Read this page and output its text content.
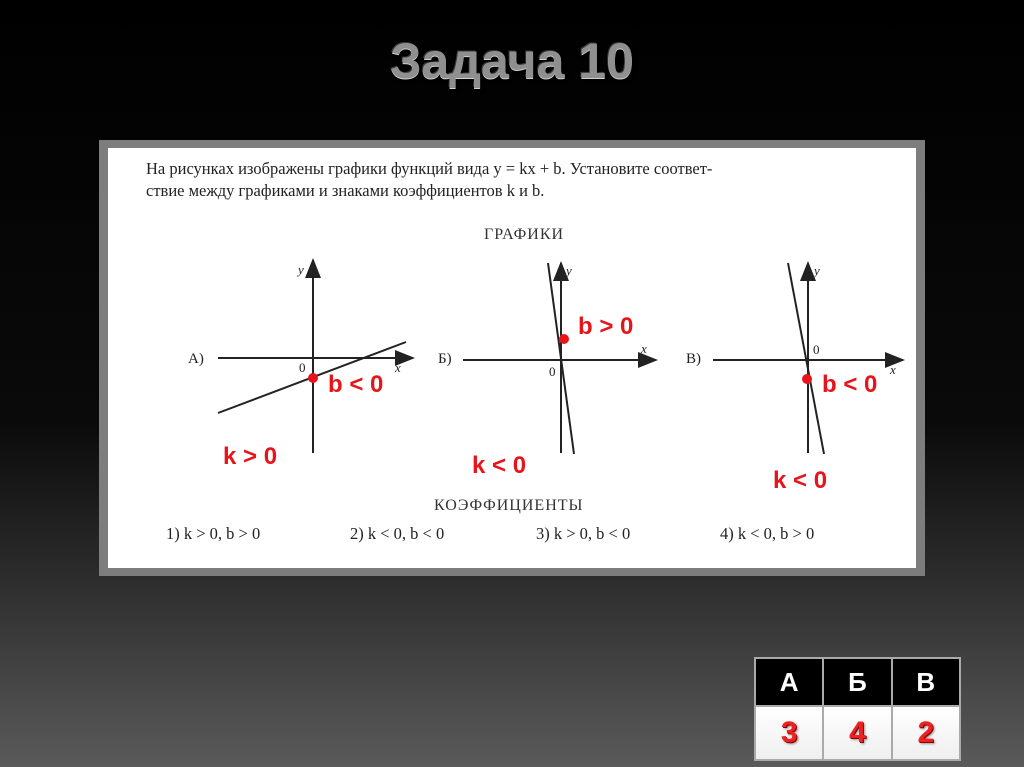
Задача 10
На рисунках изображены графики функций вида y = kx + b. Установите соответ-
ствие между графиками и знаками коэффициентов k и b.
ГРАФИКИ
А)
0	x
y
b < 0
k > 0
Б)
0
x
y
b > 0
k < 0
В)
0
x
y
b < 0
k < 0
КОЭФФИЦИЕНТЫ
1) k > 0, b > 0	2) k < 0, b < 0	3) k > 0, b < 0	4) k < 0, b > 0
А	Б	В
3	4	2
